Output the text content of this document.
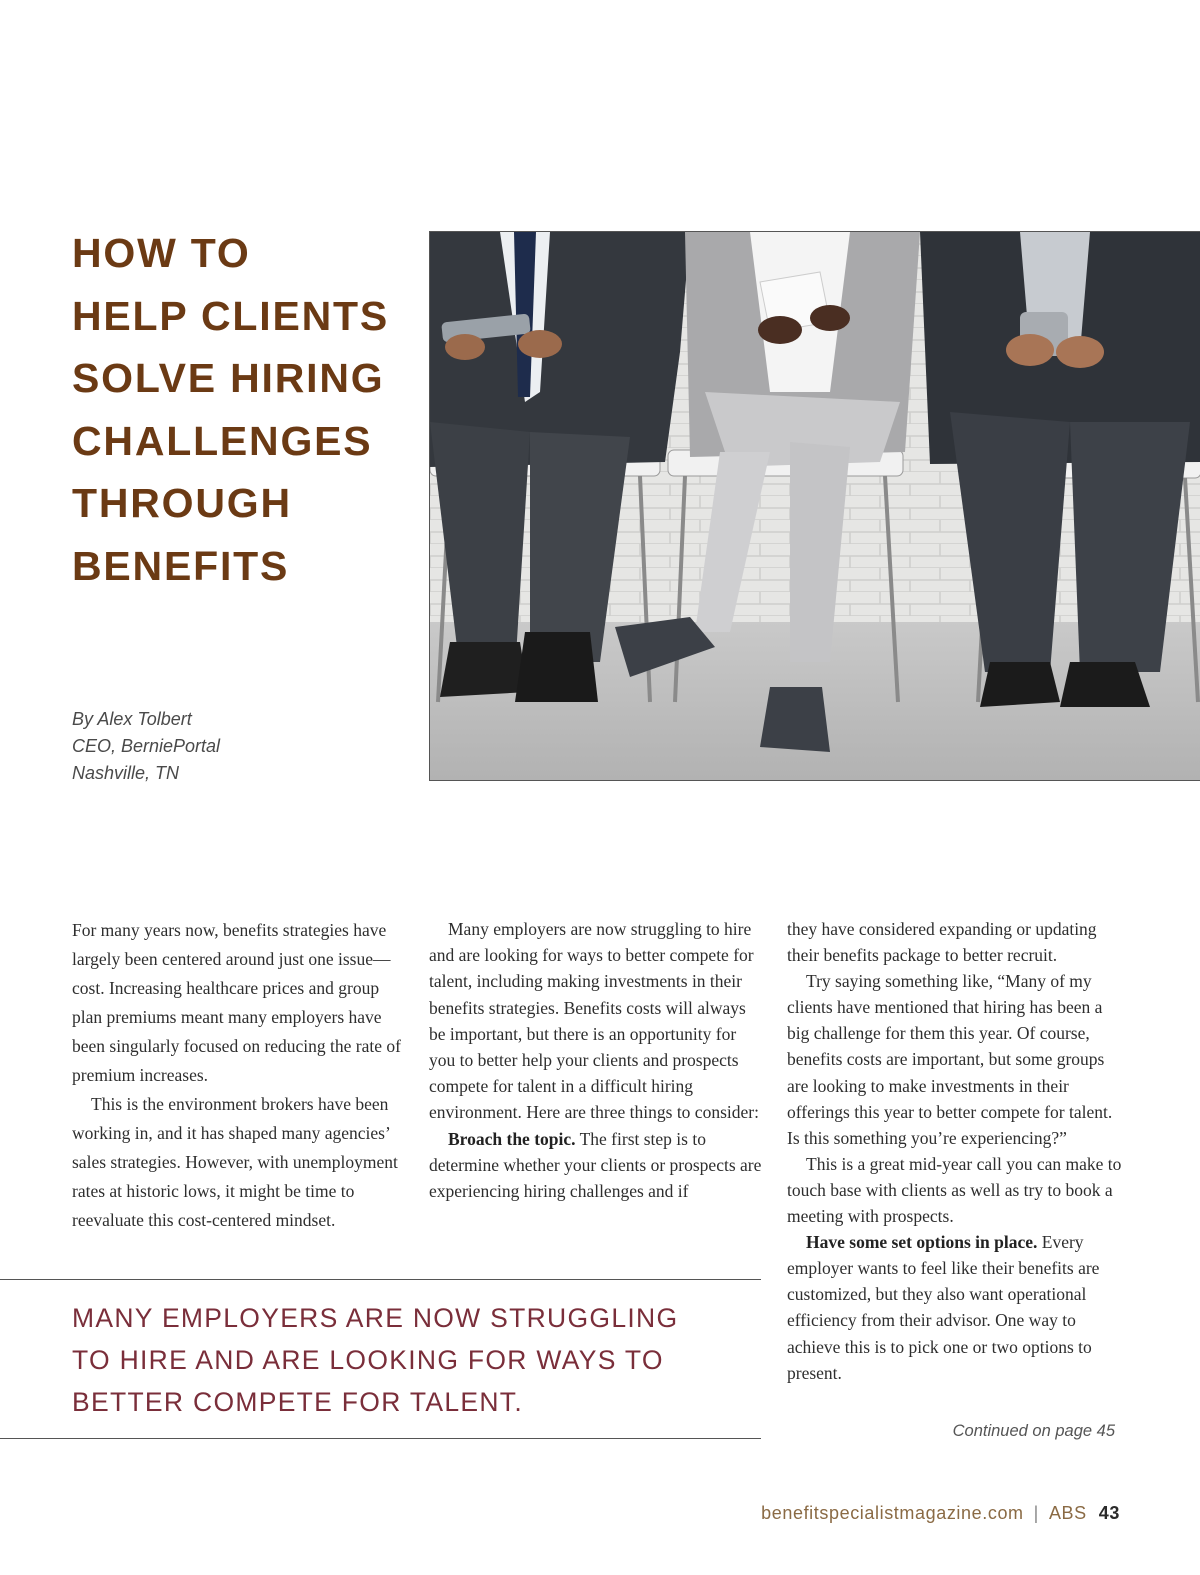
HOW TO
HELP CLIENTS
SOLVE HIRING
CHALLENGES
THROUGH
BENEFITS
By Alex Tolbert
CEO, BerniePortal
Nashville, TN

For many years now, benefits strategies have largely been centered around just one issue—cost. Increasing healthcare prices and group plan premiums meant many employers have been singularly focused on reducing the rate of premium increases.

This is the environment brokers have been working in, and it has shaped many agencies’ sales strategies. However, with unemployment rates at historic lows, it might be time to reevaluate this cost-centered mindset.

Many employers are now struggling to hire and are looking for ways to better compete for talent, including making investments in their benefits strategies. Benefits costs will always be important, but there is an opportunity for you to better help your clients and prospects compete for talent in a difficult hiring environment. Here are three things to consider:

Broach the topic. The first step is to determine whether your clients or prospects are experiencing hiring challenges and if

they have considered expanding or updating their benefits package to better recruit.

Try saying something like, “Many of my clients have mentioned that hiring has been a big challenge for them this year. Of course, benefits costs are important, but some groups are looking to make investments in their offerings this year to better compete for talent. Is this something you’re experiencing?”

This is a great mid-year call you can make to touch base with clients as well as try to book a meeting with prospects.

Have some set options in place. Every employer wants to feel like their benefits are customized, but they also want operational efficiency from their advisor. One way to achieve this is to pick one or two options to present.

MANY EMPLOYERS ARE NOW STRUGGLING
TO HIRE AND ARE LOOKING FOR WAYS TO
BETTER COMPETE FOR TALENT.
Continued on page 45
benefitspecialistmagazine.com | ABS 43
